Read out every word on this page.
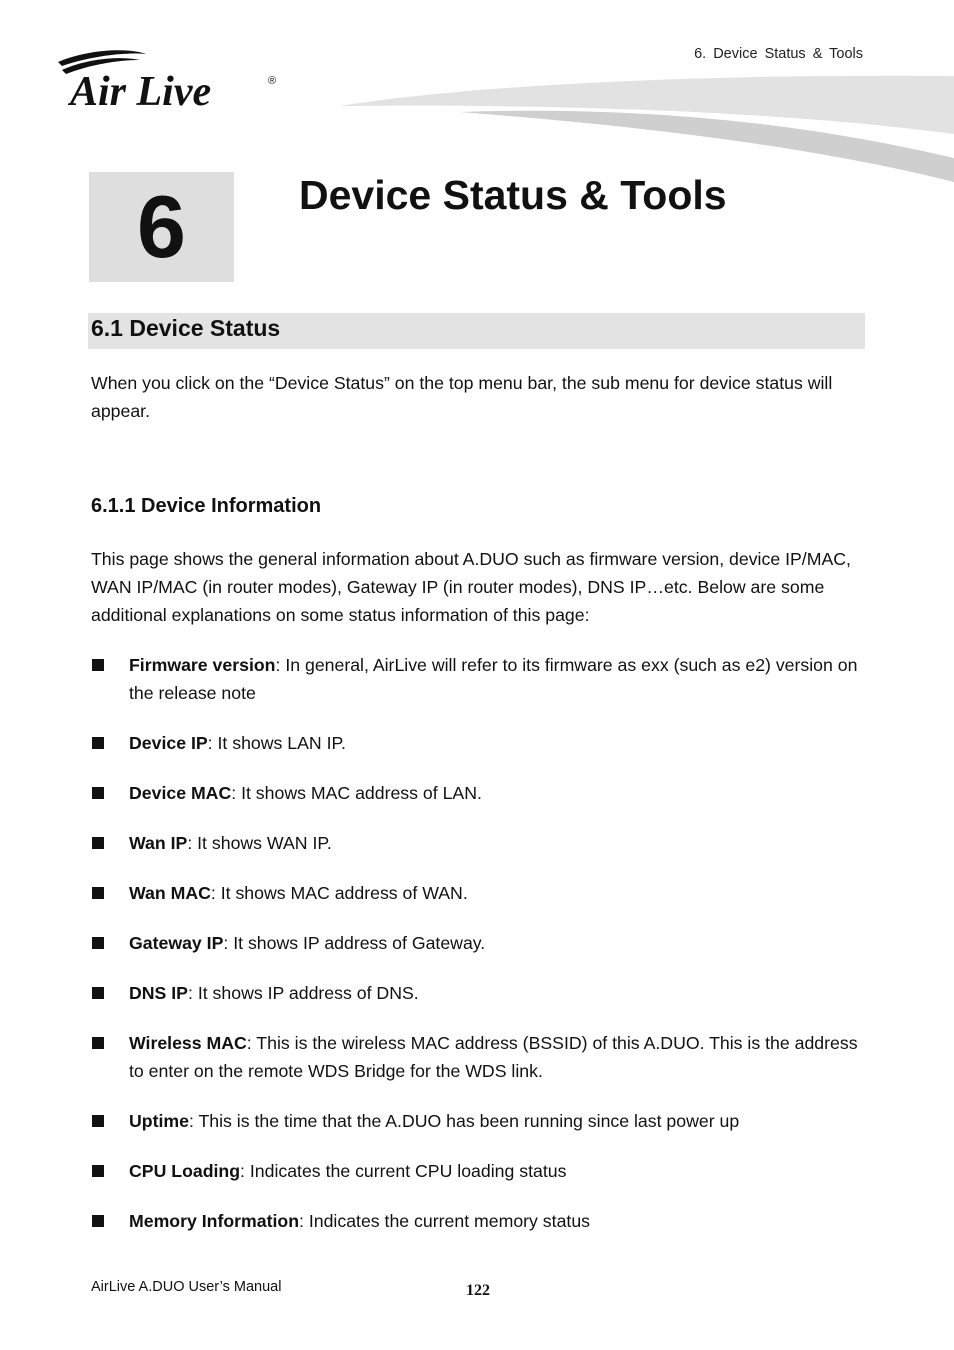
6. Device Status & Tools
Air Live	®
6	Device Status & Tools
6.1 Device Status
When you click on the “Device Status” on the top menu bar, the sub menu for device status will appear.
6.1.1 Device Information
This page shows the general information about A.DUO such as firmware version, device IP/MAC, WAN IP/MAC (in router modes), Gateway IP (in router modes), DNS IP…etc. Below are some additional explanations on some status information of this page:
Firmware version: In general, AirLive will refer to its firmware as exx (such as e2) version on the release note
Device IP: It shows LAN IP.
Device MAC: It shows MAC address of LAN.
Wan IP: It shows WAN IP.
Wan MAC: It shows MAC address of WAN.
Gateway IP: It shows IP address of Gateway.
DNS IP: It shows IP address of DNS.
Wireless MAC: This is the wireless MAC address (BSSID) of this A.DUO. This is the address to enter on the remote WDS Bridge for the WDS link.
Uptime: This is the time that the A.DUO has been running since last power up
CPU Loading: Indicates the current CPU loading status
Memory Information: Indicates the current memory status
AirLive A.DUO User’s Manual	122
